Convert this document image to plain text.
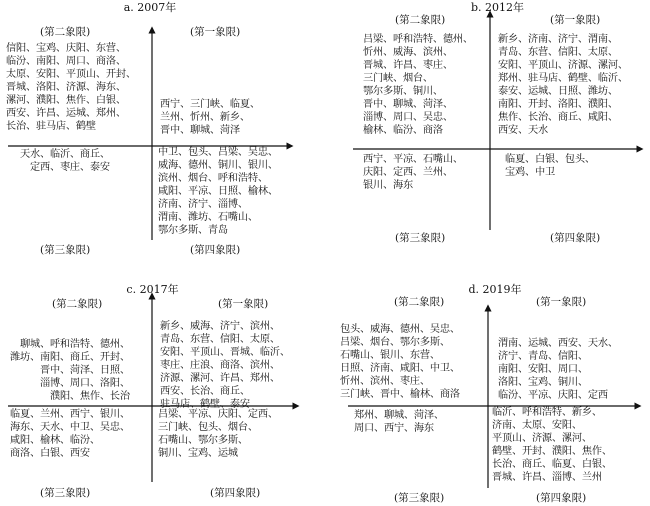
a. 2007年
(第二象限)	(第一象限)
(第三象限)	(第四象限)
信阳、宝鸡、庆阳、东营、
临汾、南阳、周口、商洛、
太原、安阳、平顶山、开封、
晋城、洛阳、济源、海东、
漯河、濮阳、焦作、白银、
西安、许昌、运城、郑州、
长治、驻马店、鹤壁
西宁、三门峡、临夏、
兰州、忻州、新乡、
晋中、聊城、菏泽
天水、临沂、商丘、
定西、枣庄、泰安
中卫、包头、吕梁、吴忠、
威海、德州、铜川、银川、
滨州、烟台、呼和浩特、
咸阳、平凉、日照、榆林、
济南、济宁、淄博、
渭南、潍坊、石嘴山、
鄂尔多斯、青岛
b. 2012年
(第二象限)	(第一象限)
(第三象限)	(第四象限)
吕梁、呼和浩特、德州、
忻州、威海、滨州、
晋城、许昌、枣庄、
三门峡、烟台、
鄂尔多斯、铜川、
晋中、聊城、菏泽、
淄博、周口、吴忠、
榆林、临汾、商洛
新乡、济南、济宁、渭南、
青岛、东营、信阳、太原、
安阳、平顶山、济源、漯河、
郑州、驻马店、鹤壁、临沂、
泰安、运城、日照、潍坊、
南阳、开封、洛阳、濮阳、
焦作、长治、商丘、咸阳、
西安、天水
西宁、平凉、石嘴山、
庆阳、定西、兰州、
银川、海东
临夏、白银、包头、
宝鸡、中卫
c. 2017年
(第二象限)	(第一象限)
(第三象限)	(第四象限)
聊城、呼和浩特、德州、
潍坊、南阳、商丘、开封、
晋中、菏泽、日照、
淄博、周口、洛阳、
濮阳、焦作、长治
新乡、威海、济宁、滨州、
青岛、东营、信阳、太原、
安阳、平顶山、晋城、临沂、
枣庄、庄浪、商洛、滨州、
济源、漯河、许昌、郑州、
西安、长治、商丘、
驻马店、鹤壁、泰安
临夏、兰州、西宁、银川、
海东、天水、中卫、吴忠、
咸阳、榆林、临汾、
商洛、白银、西安
吕梁、平凉、庆阳、定西、
三门峡、包头、烟台、
石嘴山、鄂尔多斯、
铜川、宝鸡、运城
d. 2019年
(第二象限)	(第一象限)
(第三象限)	(第四象限)
包头、威海、德州、吴忠、
吕梁、烟台、鄂尔多斯、
石嘴山、银川、东营、
日照、济南、咸阳、中卫、
忻州、滨州、枣庄、
三门峡、晋中、榆林、商洛
渭南、运城、西安、天水、
济宁、青岛、信阳、
南阳、安阳、周口、
洛阳、宝鸡、铜川、
临汾、平凉、庆阳、定西
郑州、聊城、菏泽、
周口、西宁、海东
临沂、呼和浩特、新乡、
济南、太原、安阳、
平顶山、济源、漯河、
鹤壁、开封、濮阳、焦作、
长治、商丘、临夏、白银、
晋城、许昌、淄博、兰州
